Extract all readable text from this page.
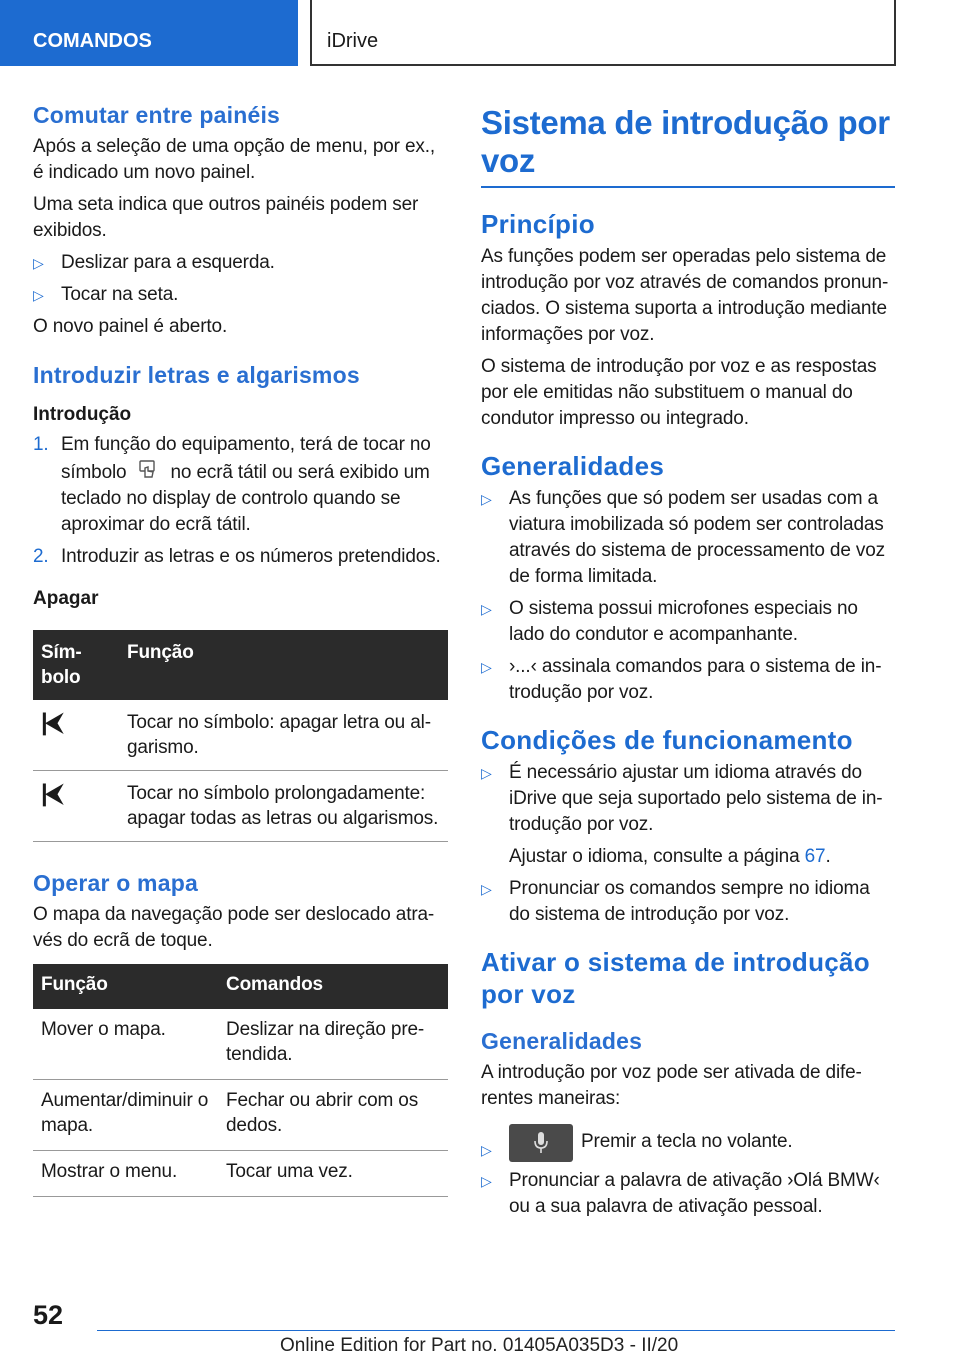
COMANDOS	iDrive
Comutar entre painéis

Após a seleção de uma opção de menu, por ex., é indicado um novo painel.

Uma seta indica que outros painéis podem ser exibidos.

▷ Deslizar para a esquerda.
▷ Tocar na seta.

O novo painel é aberto.

Introduzir letras e algarismos
Introdução
1. Em função do equipamento, terá de tocar no símbolo no ecrã tátil ou será exibido um teclado no display de controlo quando se aproximar do ecrã tátil.
2. Introduzir as letras e os números pretendidos.
Apagar
Sím-
bolo	Função
|⮜	Tocar no símbolo: apagar letra ou al-garismo.
|⮜	Tocar no símbolo prolongadamente: apagar todas as letras ou algarismos.
Operar o mapa

O mapa da navegação pode ser deslocado atra-vés do ecrã de toque.

Função	Comandos
Mover o mapa.	Deslizar na direção pre-tendida.
Aumentar/diminuir o mapa.	Fechar ou abrir com os dedos.
Mostrar o menu.	Tocar uma vez.
Sistema de introdução por voz
Princípio

As funções podem ser operadas pelo sistema de introdução por voz através de comandos pronun-ciados. O sistema suporta a introdução mediante informações por voz.

O sistema de introdução por voz e as respostas por ele emitidas não substituem o manual do condutor impresso ou integrado.

Generalidades
▷ As funções que só podem ser usadas com a viatura imobilizada só podem ser controladas através do sistema de processamento de voz de forma limitada.
▷ O sistema possui microfones especiais no lado do condutor e acompanhante.
▷ ›...‹ assinala comandos para o sistema de in-trodução por voz.
Condições de funcionamento
▷ É necessário ajustar um idioma através do iDrive que seja suportado pelo sistema de in-trodução por voz.

Ajustar o idioma, consulte a página 67.

▷ Pronunciar os comandos sempre no idioma do sistema de introdução por voz.
Ativar o sistema de introdução por voz
Generalidades

A introdução por voz pode ser ativada de dife-rentes maneiras:

▷	Premir a tecla no volante.
▷ Pronunciar a palavra de ativação ›Olá BMW‹ ou a sua palavra de ativação pessoal.
52
Online Edition for Part no. 01405A035D3 - II/20
